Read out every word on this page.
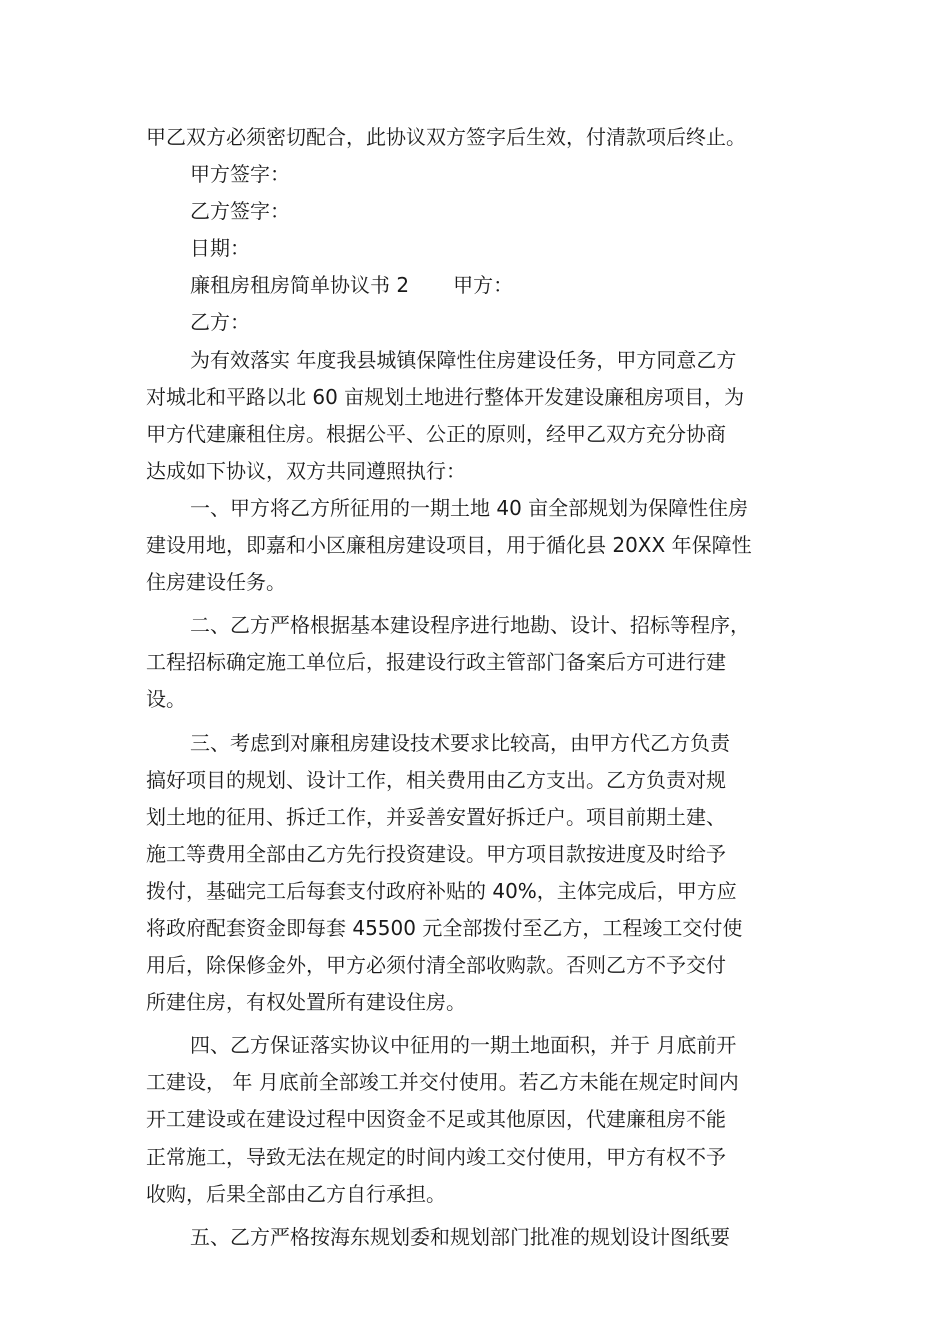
甲乙双方必须密切配合，此协议双方签字后生效，付清款项后终止。
甲方签字：
乙方签字：
日期：
廉租房租房简单协议书 2 甲方：
乙方：
为有效落实 年度我县城镇保障性住房建设任务，甲方同意乙方
对城北和平路以北 60 亩规划土地进行整体开发建设廉租房项目，为
甲方代建廉租住房。根据公平、公正的原则，经甲乙双方充分协商
达成如下协议，双方共同遵照执行：
一、甲方将乙方所征用的一期土地 40 亩全部规划为保障性住房
建设用地，即嘉和小区廉租房建设项目，用于循化县 20XX 年保障性
住房建设任务。
二、乙方严格根据基本建设程序进行地勘、设计、招标等程序，
工程招标确定施工单位后，报建设行政主管部门备案后方可进行建
设。
三、考虑到对廉租房建设技术要求比较高，由甲方代乙方负责
搞好项目的规划、设计工作，相关费用由乙方支出。乙方负责对规
划土地的征用、拆迁工作，并妥善安置好拆迁户。项目前期土建、
施工等费用全部由乙方先行投资建设。甲方项目款按进度及时给予
拨付，基础完工后每套支付政府补贴的 40%，主体完成后，甲方应
将政府配套资金即每套 45500 元全部拨付至乙方，工程竣工交付使
用后，除保修金外，甲方必须付清全部收购款。否则乙方不予交付
所建住房，有权处置所有建设住房。
四、乙方保证落实协议中征用的一期土地面积，并于 月底前开
工建设， 年 月底前全部竣工并交付使用。若乙方未能在规定时间内
开工建设或在建设过程中因资金不足或其他原因，代建廉租房不能
正常施工，导致无法在规定的时间内竣工交付使用，甲方有权不予
收购，后果全部由乙方自行承担。
五、乙方严格按海东规划委和规划部门批准的规划设计图纸要
